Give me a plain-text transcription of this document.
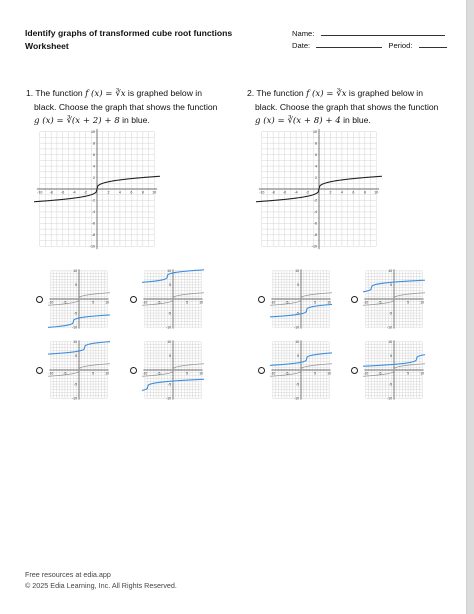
Identify graphs of transformed cube root functions
Worksheet
Name:
Date:	Period:
1. The function f (x) = ∛x is graphed below in
black. Choose the graph that shows the function
g (x) = ∛(x + 2) + 8 in blue.
2. The function f (x) = ∛x is graphed below in
black. Choose the graph that shows the function
g (x) = ∛(x + 8) + 4 in blue.
-10 -8 -6 -4 -2	2	4	6	8 10
10
8
6
4
2
-2
-4
-6
-8
-10
-10 -8 -6 -4 -2	2	4	6	8 10
10
8
6
4
2
-2
-4
-6
-8
-10
-10	-5	5	10
10
5
-5
-10
-10	-5	5	10
10
5
-5
-10
-10	-5	5	10
10
5
-5
-10
-10	-5	5	10
10
5
-5
-10
-10	-5	5	10
10
5
-5
-10
-10	-5	5	10
10
5
-5
-10
-10	-5	5	10
10
5
-5
-10
-10	-5	5	10
10
5
-5
-10
Free resources at edia.app
© 2025 Edia Learning, Inc. All Rights Reserved.
